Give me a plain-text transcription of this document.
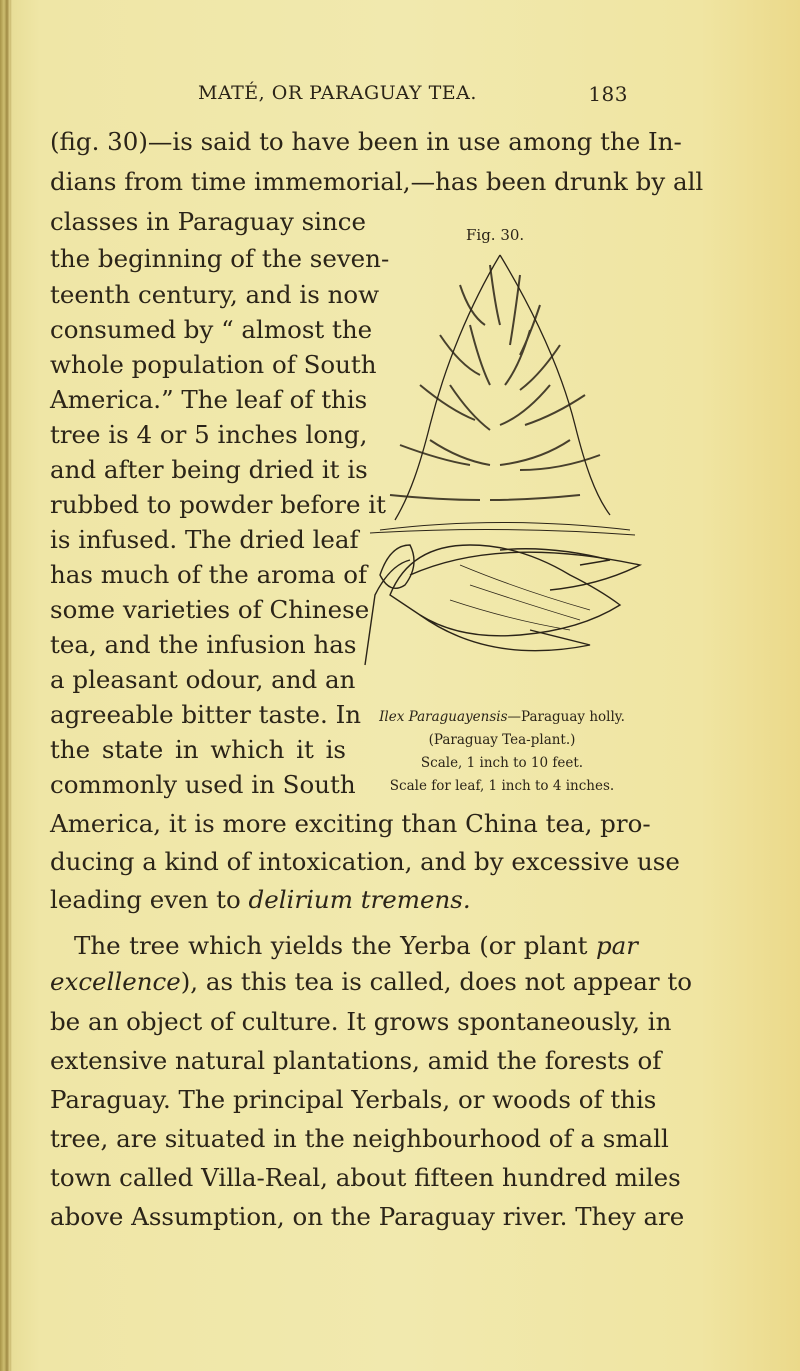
MATÉ, OR PARAGUAY TEA.	183
(fig. 30)—is said to have been in use among the In-
dians from time immemorial,—has been drunk by all
classes in Paraguay since
the beginning of the seven-
teenth century, and is now
consumed by “ almost the
whole population of South
America.” The leaf of this
tree is 4 or 5 inches long,
and after being dried it is
rubbed to powder before it
is infused. The dried leaf
has much of the aroma of
some varieties of Chinese
tea, and the infusion has
a pleasant odour, and an
agreeable bitter taste. In
the state in which it is
commonly used in South
America, it is more exciting than China tea, pro-
ducing a kind of intoxication, and by excessive use
leading even to delirium tremens.
The tree which yields the Yerba (or plant par
excellence), as this tea is called, does not appear to
be an object of culture. It grows spontaneously, in
extensive natural plantations, amid the forests of
Paraguay. The principal Yerbals, or woods of this
tree, are situated in the neighbourhood of a small
town called Villa-Real, about fifteen hundred miles
above Assumption, on the Paraguay river. They are
Fig. 30.
Ilex Paraguayensis—Paraguay holly.
(Paraguay Tea-plant.)
Scale, 1 inch to 10 feet.
Scale for leaf, 1 inch to 4 inches.
